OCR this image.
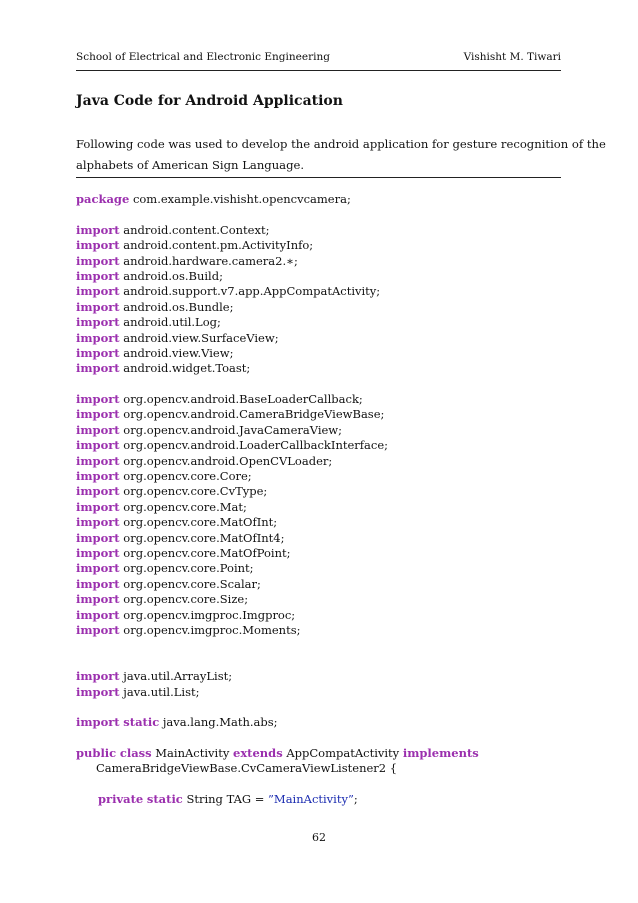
School of Electrical and Electronic Engineering	Vishisht M. Tiwari
Java Code for Android Application
Following code was used to develop the android application for gesture recognition of the
alphabets of American Sign Language.
package com.example.vishisht.opencvcamera;
import android.content.Context;
import android.content.pm.ActivityInfo;
import android.hardware.camera2.∗;
import android.os.Build;
import android.support.v7.app.AppCompatActivity;
import android.os.Bundle;
import android.util.Log;
import android.view.SurfaceView;
import android.view.View;
import android.widget.Toast;
import org.opencv.android.BaseLoaderCallback;
import org.opencv.android.CameraBridgeViewBase;
import org.opencv.android.JavaCameraView;
import org.opencv.android.LoaderCallbackInterface;
import org.opencv.android.OpenCVLoader;
import org.opencv.core.Core;
import org.opencv.core.CvType;
import org.opencv.core.Mat;
import org.opencv.core.MatOfInt;
import org.opencv.core.MatOfInt4;
import org.opencv.core.MatOfPoint;
import org.opencv.core.Point;
import org.opencv.core.Scalar;
import org.opencv.core.Size;
import org.opencv.imgproc.Imgproc;
import org.opencv.imgproc.Moments;
import java.util.ArrayList;
import java.util.List;
import static java.lang.Math.abs;
public class MainActivity extends AppCompatActivity implements
CameraBridgeViewBase.CvCameraViewListener2 {
private static String TAG = ”MainActivity”;
62
